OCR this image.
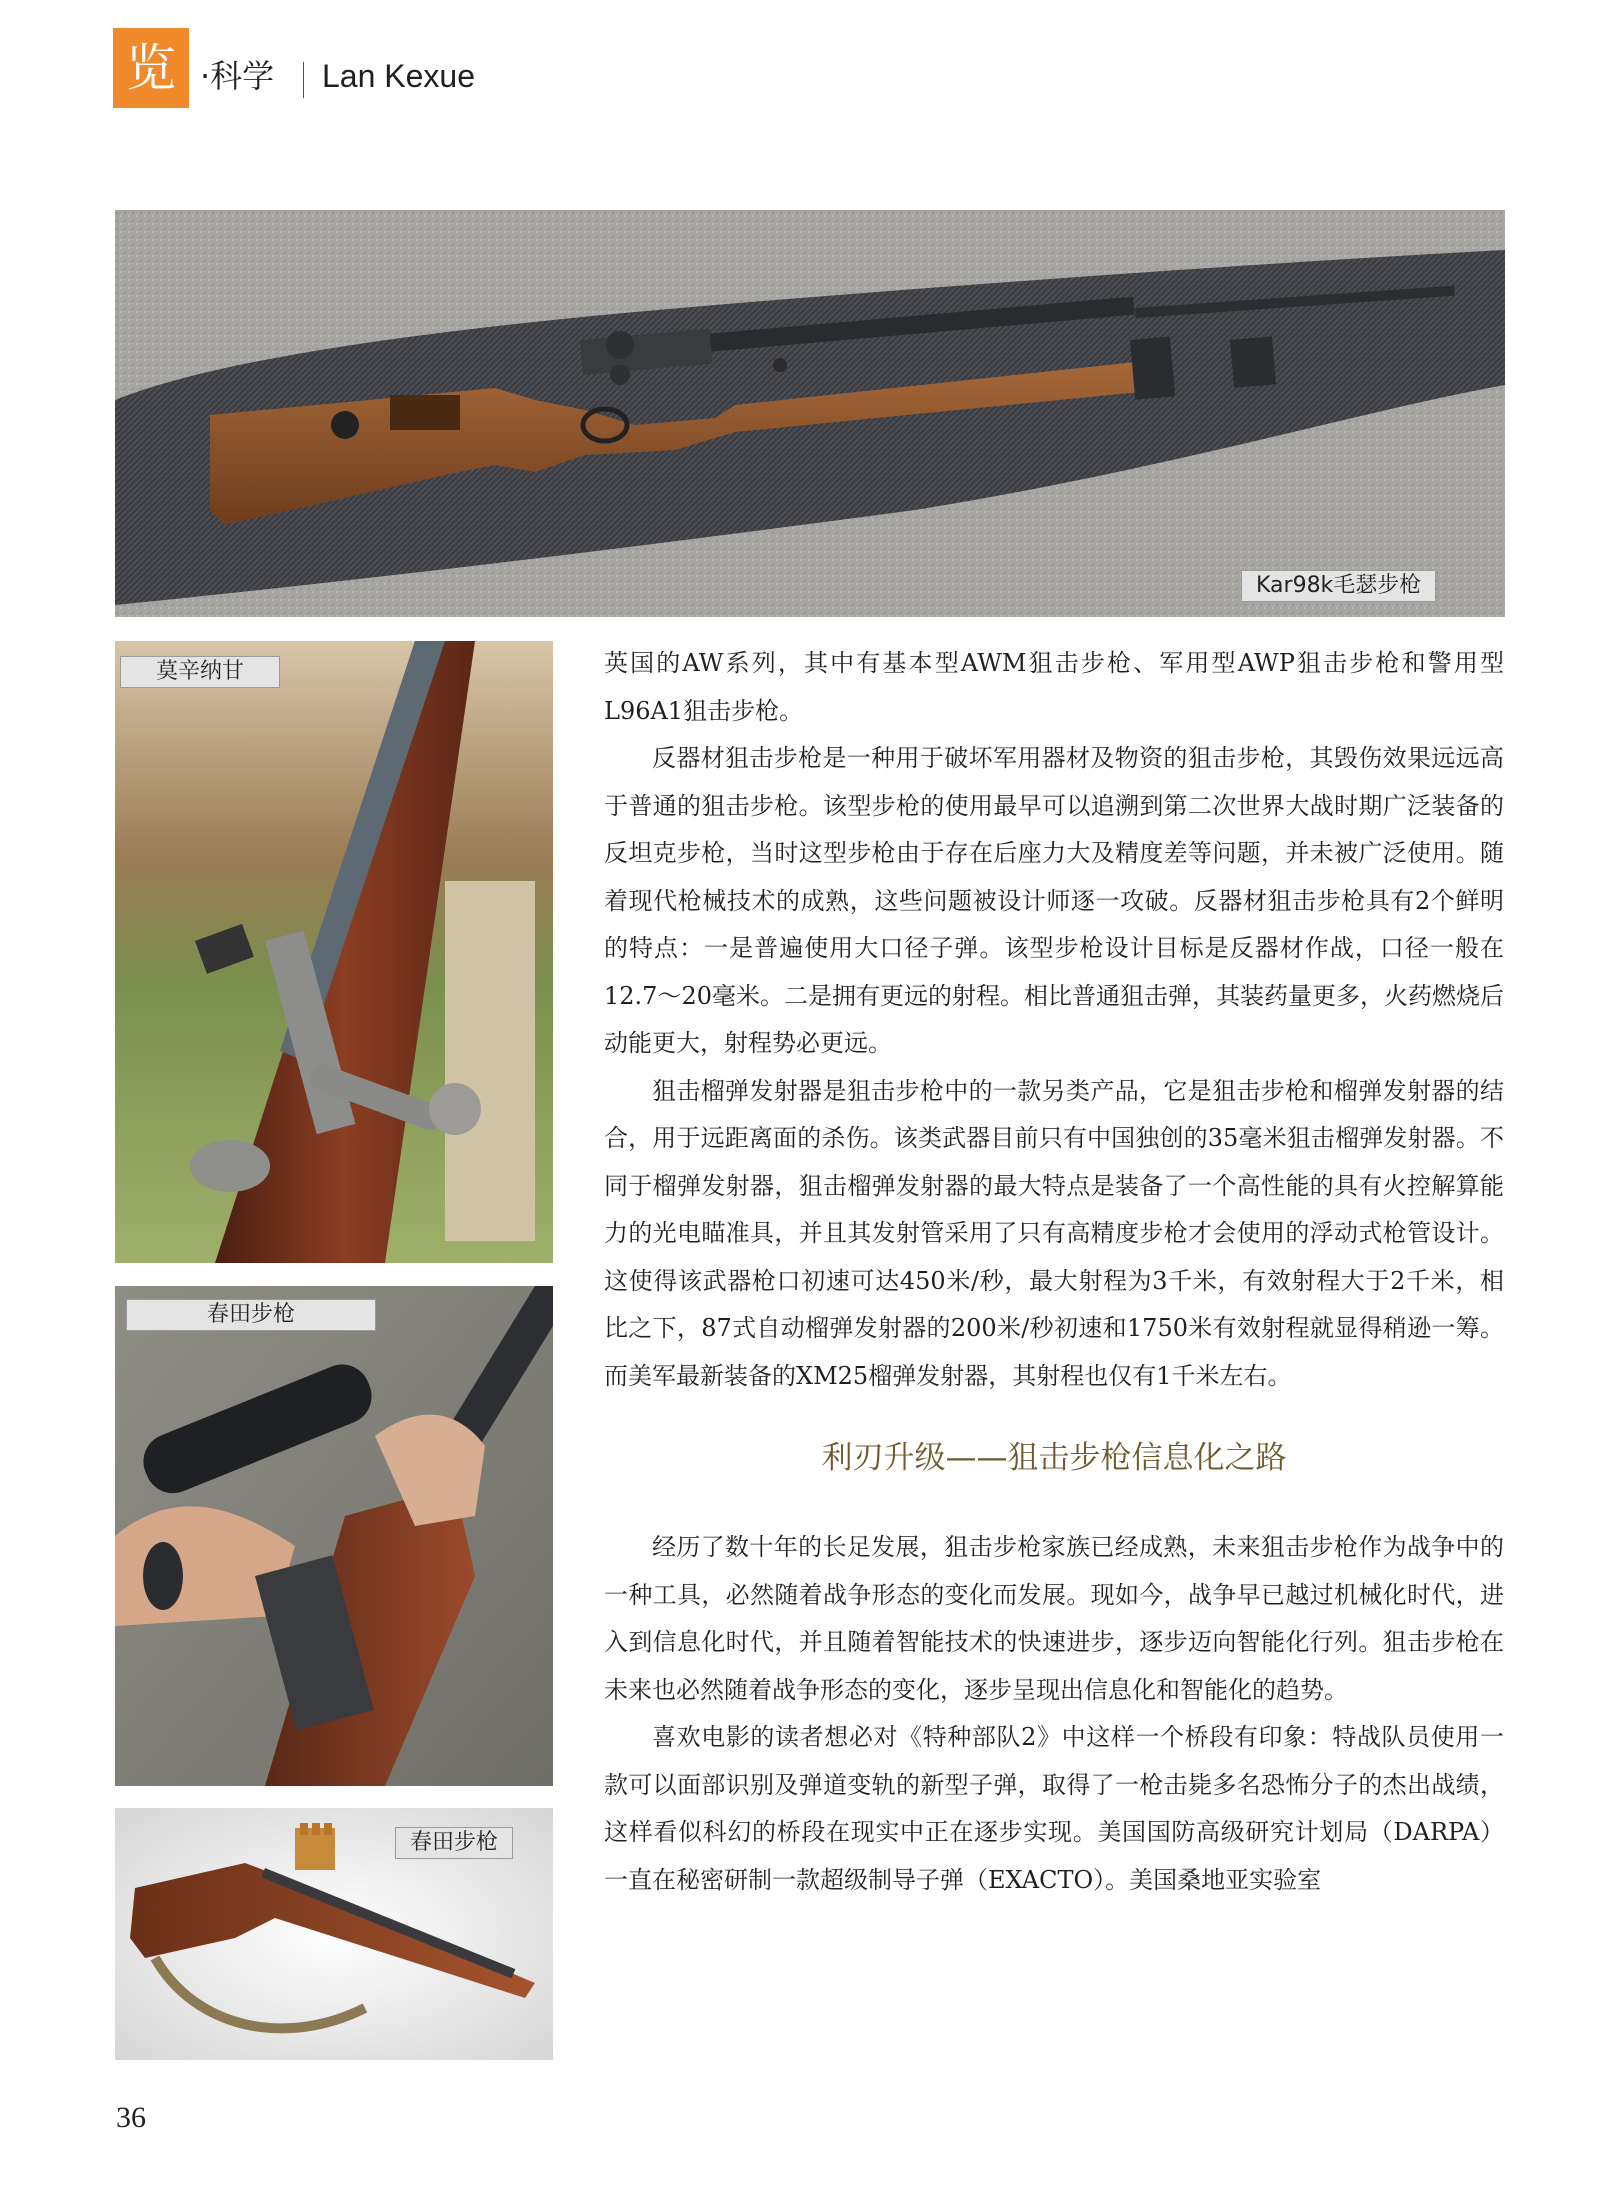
览 ·科学 Lan Kexue
Kar98k毛瑟步枪
莫辛纳甘
春田步枪
春田步枪

英国的AW系列，其中有基本型AWM狙击步枪、军用型AWP狙击步枪和警用型L96A1狙击步枪。

反器材狙击步枪是一种用于破坏军用器材及物资的狙击步枪，其毁伤效果远远高于普通的狙击步枪。该型步枪的使用最早可以追溯到第二次世界大战时期广泛装备的反坦克步枪，当时这型步枪由于存在后座力大及精度差等问题，并未被广泛使用。随着现代枪械技术的成熟，这些问题被设计师逐一攻破。反器材狙击步枪具有2个鲜明的特点：一是普遍使用大口径子弹。该型步枪设计目标是反器材作战，口径一般在12.7～20毫米。二是拥有更远的射程。相比普通狙击弹，其装药量更多，火药燃烧后动能更大，射程势必更远。

狙击榴弹发射器是狙击步枪中的一款另类产品，它是狙击步枪和榴弹发射器的结合，用于远距离面的杀伤。该类武器目前只有中国独创的35毫米狙击榴弹发射器。不同于榴弹发射器，狙击榴弹发射器的最大特点是装备了一个高性能的具有火控解算能力的光电瞄准具，并且其发射管采用了只有高精度步枪才会使用的浮动式枪管设计。这使得该武器枪口初速可达450米/秒，最大射程为3千米，有效射程大于2千米，相比之下，87式自动榴弹发射器的200米/秒初速和1750米有效射程就显得稍逊一筹。而美军最新装备的XM25榴弹发射器，其射程也仅有1千米左右。

利刃升级——狙击步枪信息化之路

经历了数十年的长足发展，狙击步枪家族已经成熟，未来狙击步枪作为战争中的一种工具，必然随着战争形态的变化而发展。现如今，战争早已越过机械化时代，进入到信息化时代，并且随着智能技术的快速进步，逐步迈向智能化行列。狙击步枪在未来也必然随着战争形态的变化，逐步呈现出信息化和智能化的趋势。

喜欢电影的读者想必对《特种部队2》中这样一个桥段有印象：特战队员使用一款可以面部识别及弹道变轨的新型子弹，取得了一枪击毙多名恐怖分子的杰出战绩，这样看似科幻的桥段在现实中正在逐步实现。美国国防高级研究计划局（DARPA）一直在秘密研制一款超级制导子弹（EXACTO）。美国桑地亚实验室

36
